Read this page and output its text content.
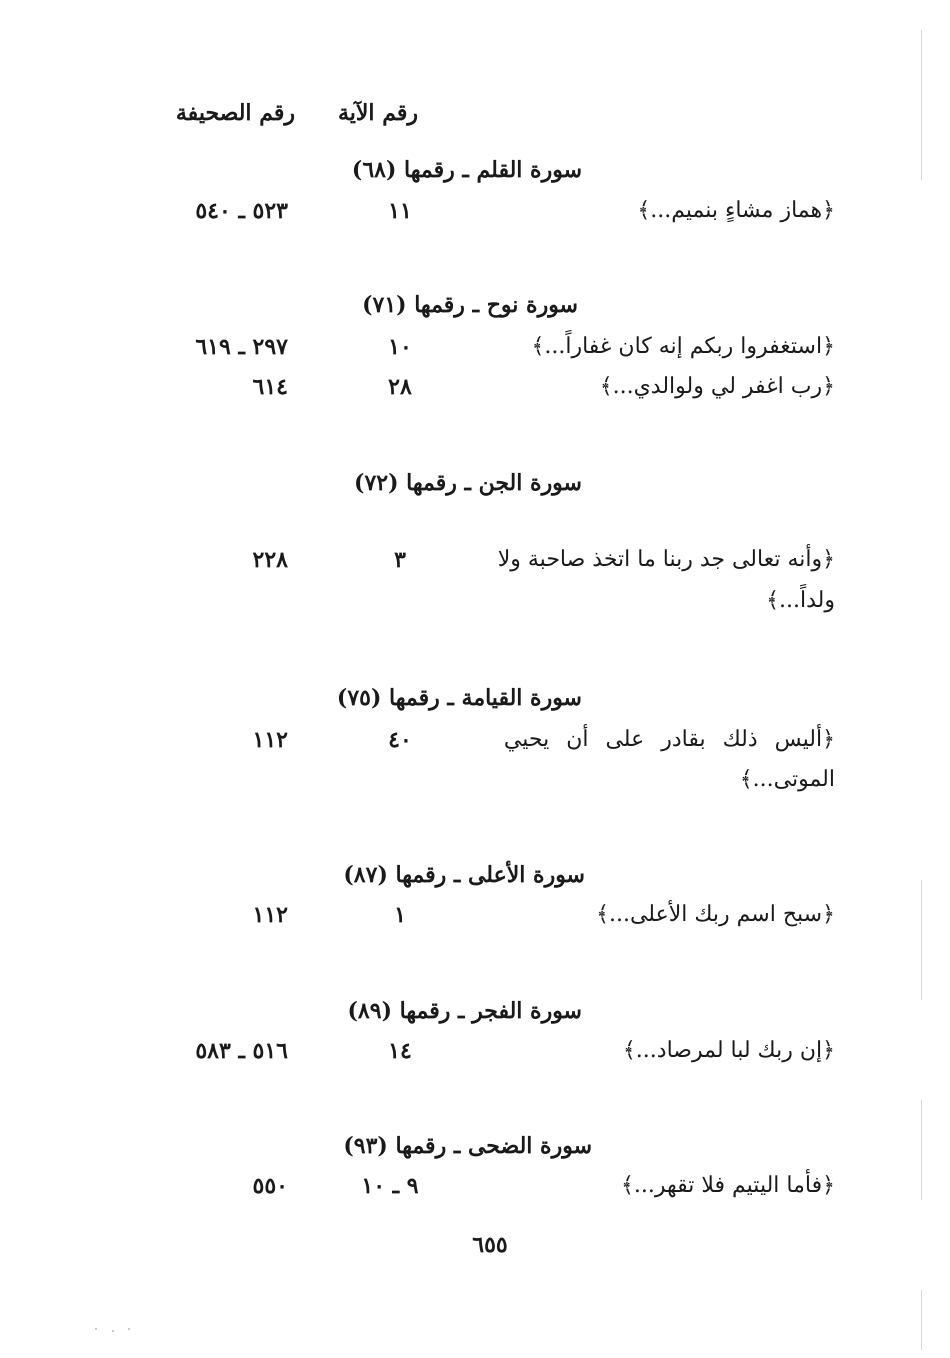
رقم الآية
رقم الصحيفة
سورة القلم ـ رقمها (٦٨)
﴿هماز مشاءٍ بنميم...﴾
١١
٥٢٣ ـ ٥٤٠
سورة نوح ـ رقمها (٧١)
﴿استغفروا ربكم إنه كان غفاراً...﴾
١٠
٢٩٧ ـ ٦١٩
﴿رب اغفر لي ولوالدي...﴾
٢٨
٦١٤
سورة الجن ـ رقمها (٧٢)
﴿وأنه تعالى جد ربنا ما اتخذ صاحبة ولا
ولداً...﴾
٣
٢٢٨
سورة القيامة ـ رقمها (٧٥)
﴿أليس ذلك بقادر على أن يحيي
الموتى...﴾
٤٠
١١٢
سورة الأعلى ـ رقمها (٨٧)
﴿سبح اسم ربك الأعلى...﴾
١
١١٢
سورة الفجر ـ رقمها (٨٩)
﴿إن ربك لبا لمرصاد...﴾
١٤
٥١٦ ـ ٥٨٣
سورة الضحى ـ رقمها (٩٣)
﴿فأما اليتيم فلا تقهر...﴾
٩ ـ ١٠
٥٥٠
٦٥٥
